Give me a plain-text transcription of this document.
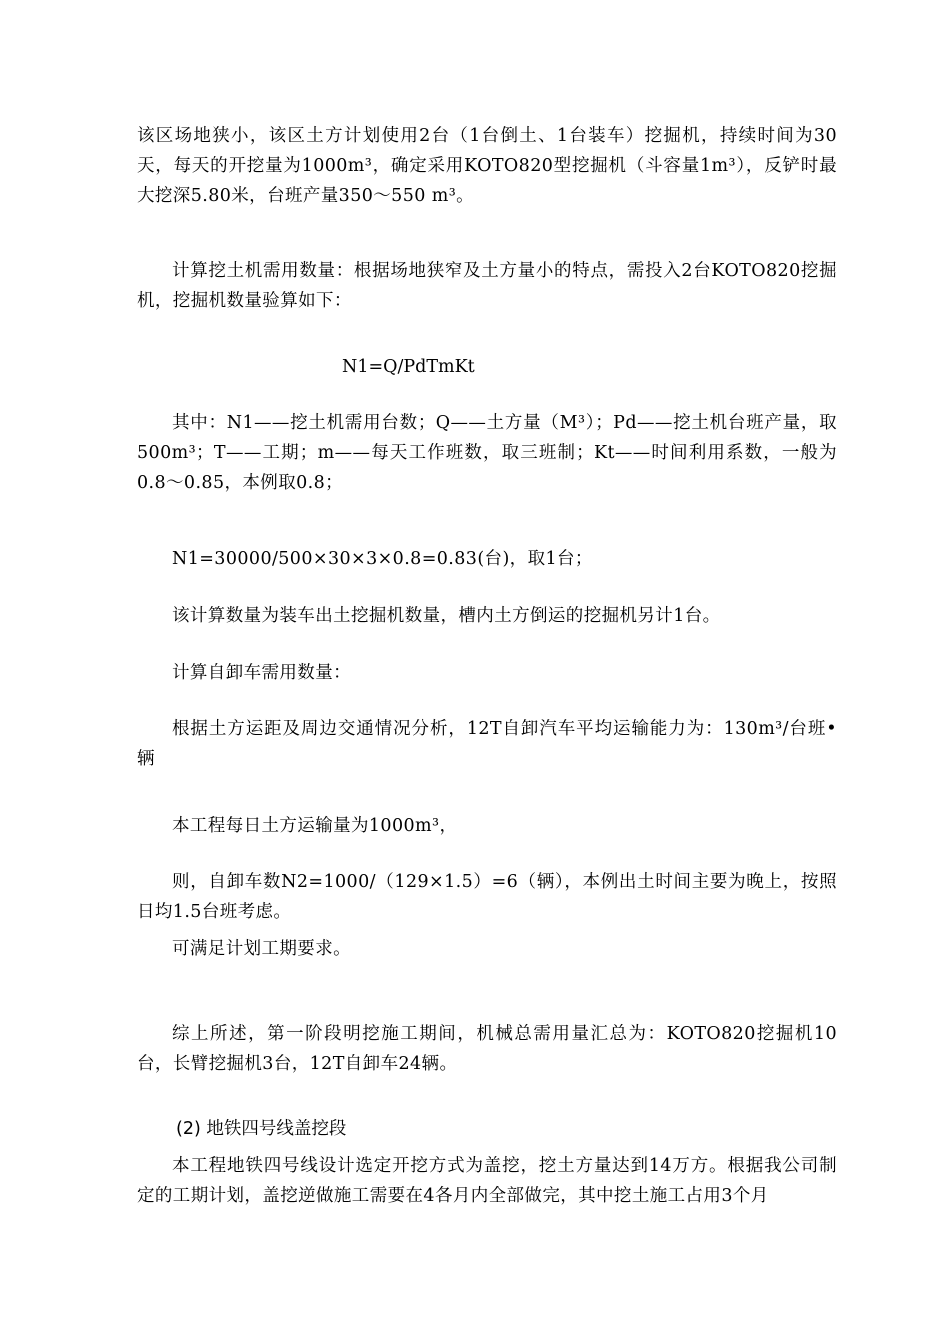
该区场地狭小，该区土方计划使用2台（1台倒土、1台装车）挖掘机，持续时间为30天，每天的开挖量为1000m³，确定采用KOTO820型挖掘机（斗容量1m³），反铲时最大挖深5.80米，台班产量350～550 m³。

计算挖土机需用数量：根据场地狭窄及土方量小的特点，需投入2台KOTO820挖掘机，挖掘机数量验算如下：

N1=Q/PdTmKt

其中：N1——挖土机需用台数；Q——土方量（M³）；Pd——挖土机台班产量，取500m³；T——工期；m——每天工作班数，取三班制；Kt——时间利用系数，一般为0.8～0.85，本例取0.8；

N1=30000/500×30×3×0.8=0.83(台)，取1台；

该计算数量为装车出土挖掘机数量，槽内土方倒运的挖掘机另计1台。

计算自卸车需用数量：

根据土方运距及周边交通情况分析，12T自卸汽车平均运输能力为：130m³/台班•辆

本工程每日土方运输量为1000m³，

则，自卸车数N2=1000/（129×1.5）=6（辆），本例出土时间主要为晚上，按照日均1.5台班考虑。

可满足计划工期要求。

综上所述，第一阶段明挖施工期间，机械总需用量汇总为：KOTO820挖掘机10台，长臂挖掘机3台，12T自卸车24辆。

(2) 地铁四号线盖挖段

本工程地铁四号线设计选定开挖方式为盖挖，挖土方量达到14万方。根据我公司制定的工期计划，盖挖逆做施工需要在4各月内全部做完，其中挖土施工占用3个月
